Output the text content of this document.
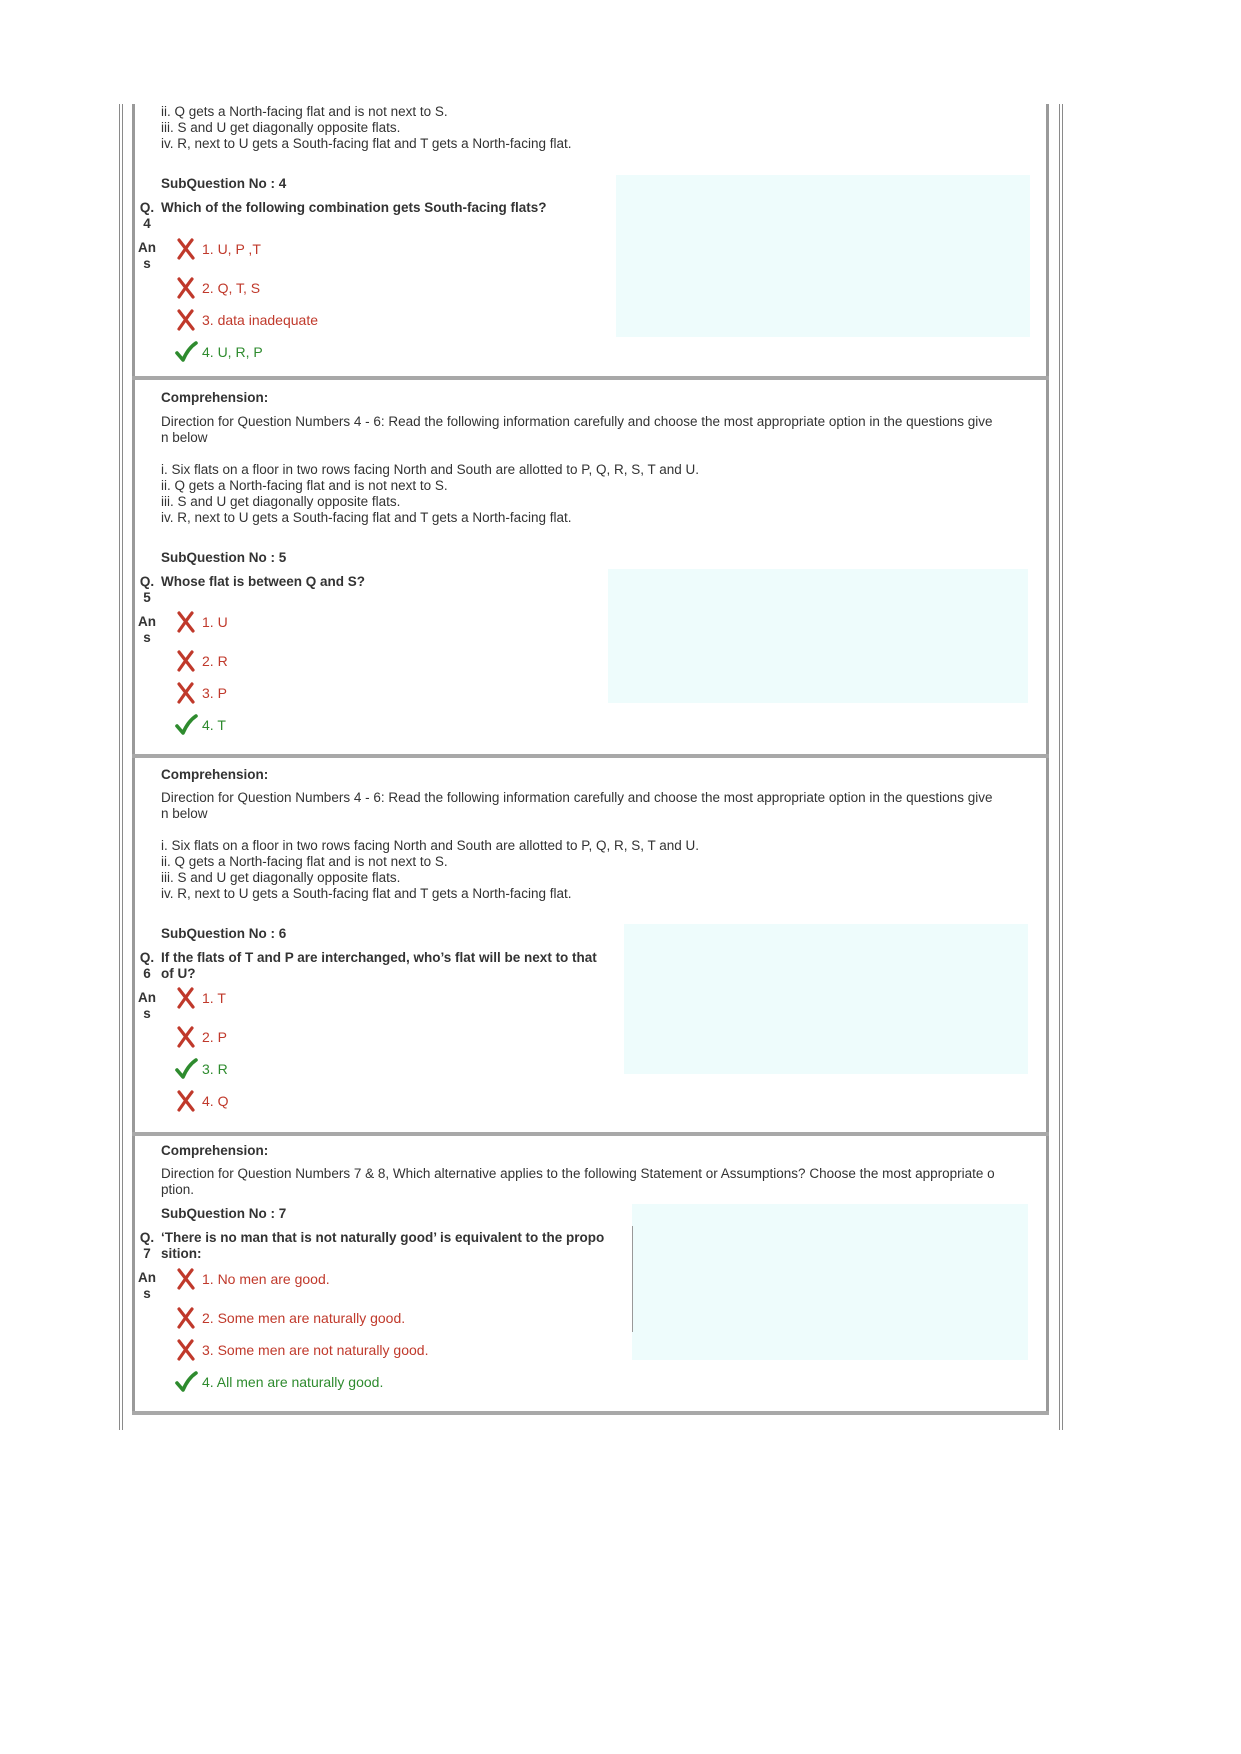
ii. Q gets a North-facing flat and is not next to S.
iii. S and U get diagonally opposite flats.
iv. R, next to U gets a South-facing flat and T gets a North-facing flat.
SubQuestion No : 4
Q.
4
Which of the following combination gets South-facing flats?
An
s
1. U, P ,T
2. Q, T, S
3. data inadequate
4. U, R, P
Comprehension:
Direction for Question Numbers 4 - 6: Read the following information carefully and choose the most appropriate option in the questions give
n below
i. Six flats on a floor in two rows facing North and South are allotted to P, Q, R, S, T and U.
ii. Q gets a North-facing flat and is not next to S.
iii. S and U get diagonally opposite flats.
iv. R, next to U gets a South-facing flat and T gets a North-facing flat.
SubQuestion No : 5
Q.
5
Whose flat is between Q and S?
An
s
1. U
2. R
3. P
4. T
Comprehension:
Direction for Question Numbers 4 - 6: Read the following information carefully and choose the most appropriate option in the questions give
n below
i. Six flats on a floor in two rows facing North and South are allotted to P, Q, R, S, T and U.
ii. Q gets a North-facing flat and is not next to S.
iii. S and U get diagonally opposite flats.
iv. R, next to U gets a South-facing flat and T gets a North-facing flat.
SubQuestion No : 6
Q.
6
If the flats of T and P are interchanged, who’s flat will be next to that
of U?
An
s
1. T
2. P
3. R
4. Q
Comprehension:
Direction for Question Numbers 7 & 8, Which alternative applies to the following Statement or Assumptions? Choose the most appropriate o
ption.
SubQuestion No : 7
Q.
7
‘There is no man that is not naturally good’ is equivalent to the propo
sition:
An
s
1. No men are good.
2. Some men are naturally good.
3. Some men are not naturally good.
4. All men are naturally good.
